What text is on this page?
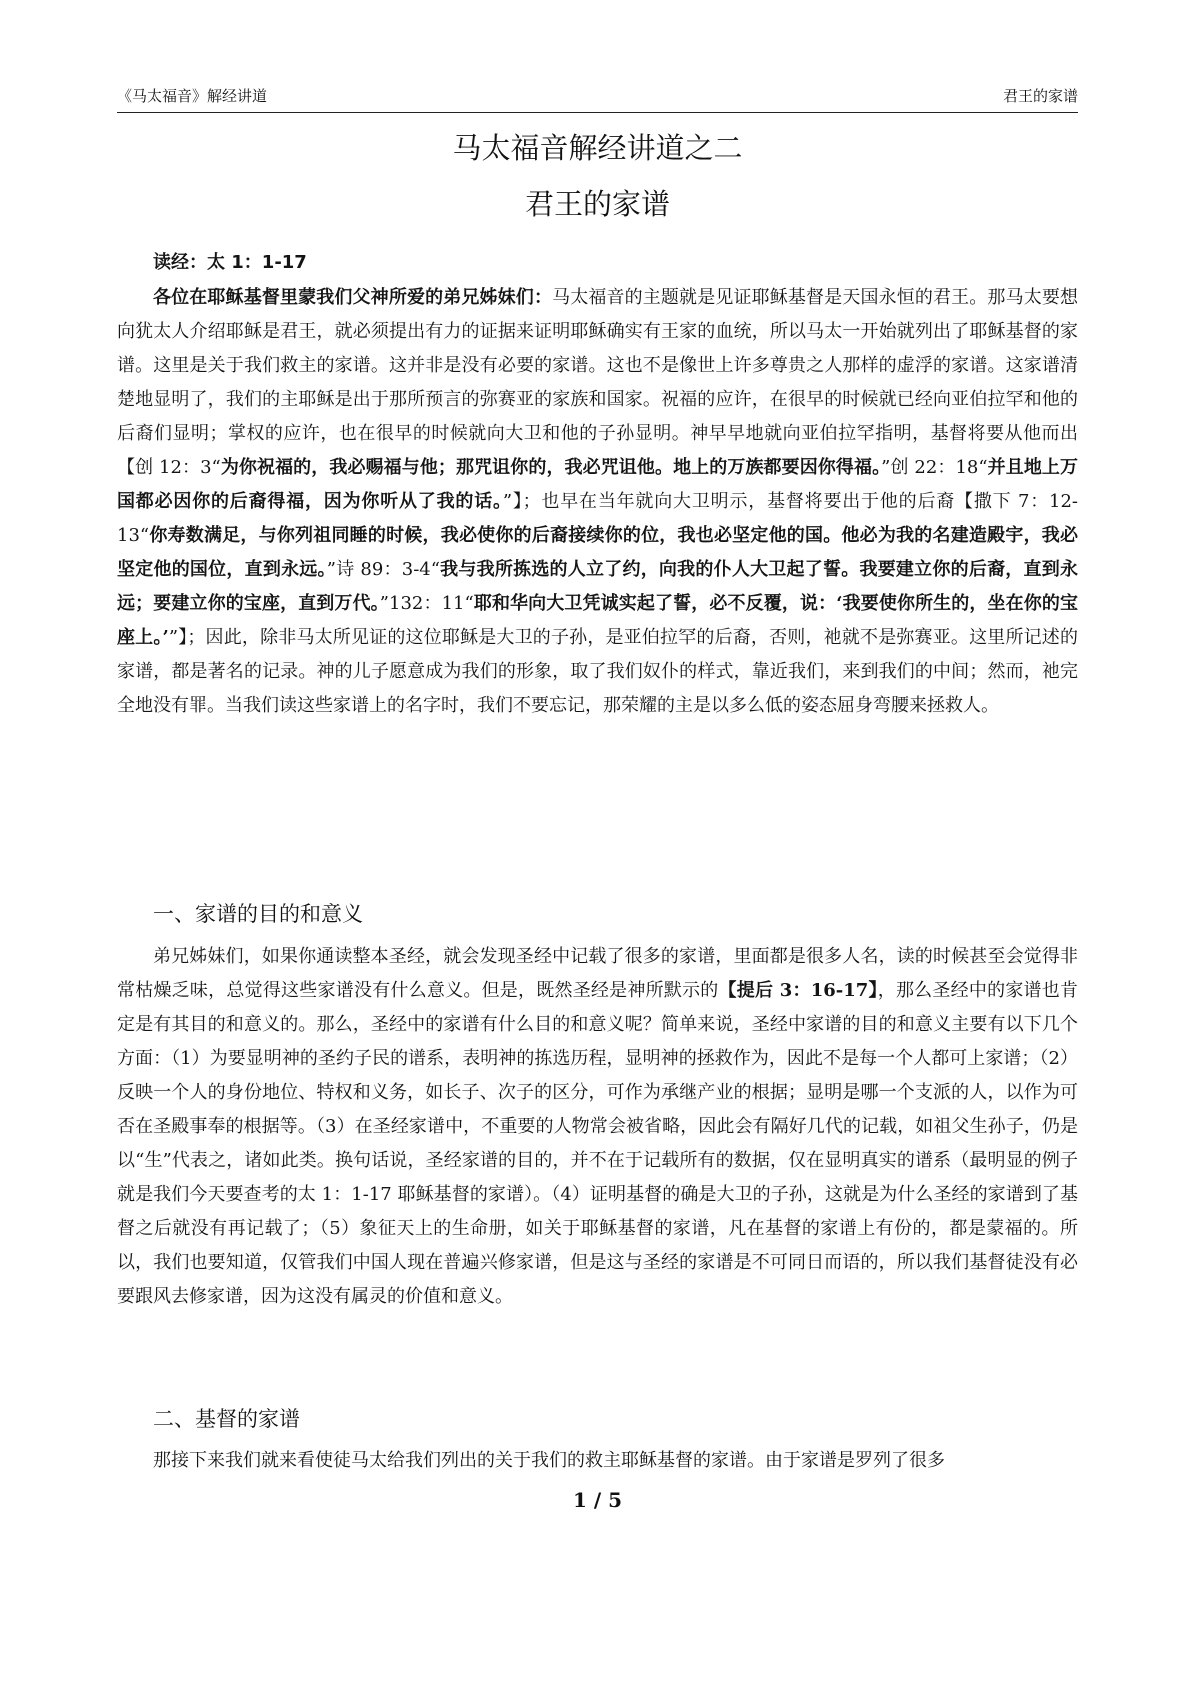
《马太福音》解经讲道	君王的家谱
马太福音解经讲道之二
君王的家谱
读经：太 1：1-17
各位在耶稣基督里蒙我们父神所爱的弟兄姊妹们：马太福音的主题就是见证耶稣基督是天国永恒的君王。那马太要想向犹太人介绍耶稣是君王，就必须提出有力的证据来证明耶稣确实有王家的血统，所以马太一开始就列出了耶稣基督的家谱。这里是关于我们救主的家谱。这并非是没有必要的家谱。这也不是像世上许多尊贵之人那样的虚浮的家谱。这家谱清楚地显明了，我们的主耶稣是出于那所预言的弥赛亚的家族和国家。祝福的应许，在很早的时候就已经向亚伯拉罕和他的后裔们显明；掌权的应许，也在很早的时候就向大卫和他的子孙显明。神早早地就向亚伯拉罕指明，基督将要从他而出【创 12：3“为你祝福的，我必赐福与他；那咒诅你的，我必咒诅他。地上的万族都要因你得福。”创 22：18“并且地上万国都必因你的后裔得福，因为你听从了我的话。”】；也早在当年就向大卫明示，基督将要出于他的后裔【撒下 7：12-13“你寿数满足，与你列祖同睡的时候，我必使你的后裔接续你的位，我也必坚定他的国。他必为我的名建造殿宇，我必坚定他的国位，直到永远。”诗 89：3-4“我与我所拣选的人立了约，向我的仆人大卫起了誓。我要建立你的后裔，直到永远；要建立你的宝座，直到万代。”132：11“耶和华向大卫凭诚实起了誓，必不反覆，说：‘我要使你所生的，坐在你的宝座上。’”】；因此，除非马太所见证的这位耶稣是大卫的子孙，是亚伯拉罕的后裔，否则，祂就不是弥赛亚。这里所记述的家谱，都是著名的记录。神的儿子愿意成为我们的形象，取了我们奴仆的样式，靠近我们，来到我们的中间；然而，祂完全地没有罪。当我们读这些家谱上的名字时，我们不要忘记，那荣耀的主是以多么低的姿态屈身弯腰来拯救人。
一、家谱的目的和意义
弟兄姊妹们，如果你通读整本圣经，就会发现圣经中记载了很多的家谱，里面都是很多人名，读的时候甚至会觉得非常枯燥乏味，总觉得这些家谱没有什么意义。但是，既然圣经是神所默示的【提后 3：16-17】，那么圣经中的家谱也肯定是有其目的和意义的。那么，圣经中的家谱有什么目的和意义呢？简单来说，圣经中家谱的目的和意义主要有以下几个方面：（1）为要显明神的圣约子民的谱系，表明神的拣选历程，显明神的拯救作为，因此不是每一个人都可上家谱；（2）反映一个人的身份地位、特权和义务，如长子、次子的区分，可作为承继产业的根据；显明是哪一个支派的人，以作为可否在圣殿事奉的根据等。（3）在圣经家谱中，不重要的人物常会被省略，因此会有隔好几代的记载，如祖父生孙子，仍是以“生”代表之，诸如此类。换句话说，圣经家谱的目的，并不在于记载所有的数据，仅在显明真实的谱系（最明显的例子就是我们今天要查考的太 1：1-17 耶稣基督的家谱）。（4）证明基督的确是大卫的子孙，这就是为什么圣经的家谱到了基督之后就没有再记载了；（5）象征天上的生命册，如关于耶稣基督的家谱，凡在基督的家谱上有份的，都是蒙福的。所以，我们也要知道，仅管我们中国人现在普遍兴修家谱，但是这与圣经的家谱是不可同日而语的，所以我们基督徒没有必要跟风去修家谱，因为这没有属灵的价值和意义。
二、基督的家谱
那接下来我们就来看使徒马太给我们列出的关于我们的救主耶稣基督的家谱。由于家谱是罗列了很多
1 / 5
